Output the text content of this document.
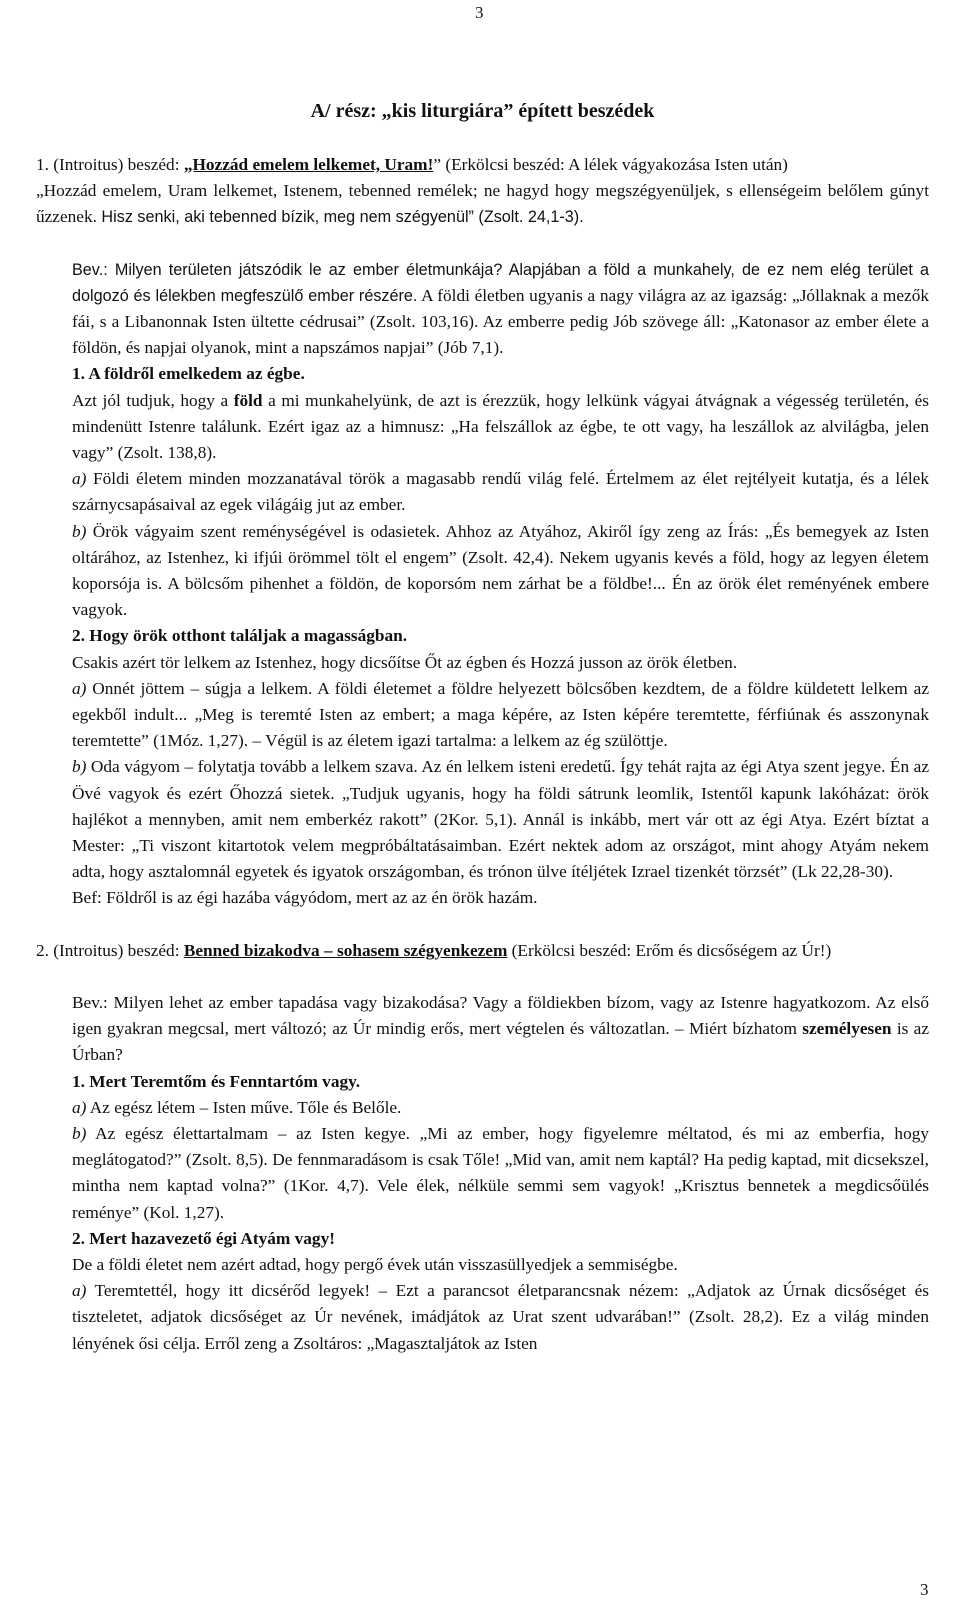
3
A/ rész: „kis liturgiára” épített beszédek

1. (Introitus) beszéd: „Hozzád emelem lelkemet, Uram!” (Erkölcsi beszéd: A lélek vágyakozása Isten után)

„Hozzád emelem, Uram lelkemet, Istenem, tebenned remélek; ne hagyd hogy megszégyenüljek, s ellenségeim belőlem gúnyt űzzenek. Hisz senki, aki tebenned bízik, meg nem szégyenül” (Zsolt. 24,1-3).

Bev.: Milyen területen játszódik le az ember életmunkája? Alapjában a föld a munkahely, de ez nem elég terület a dolgozó és lélekben megfeszülő ember részére. A földi életben ugyanis a nagy világra az az igazság: „Jóllaknak a mezők fái, s a Libanonnak Isten ültette cédrusai” (Zsolt. 103,16). Az emberre pedig Jób szövege áll: „Katonasor az ember élete a földön, és napjai olyanok, mint a napszámos napjai” (Jób 7,1).

1. A földről emelkedem az égbe.

Azt jól tudjuk, hogy a föld a mi munkahelyünk, de azt is érezzük, hogy lelkünk vágyai átvágnak a végesség területén, és mindenütt Istenre találunk. Ezért igaz az a himnusz: „Ha felszállok az égbe, te ott vagy, ha leszállok az alvilágba, jelen vagy” (Zsolt. 138,8).

a) Földi életem minden mozzanatával török a magasabb rendű világ felé. Értelmem az élet rejtélyeit kutatja, és a lélek szárnycsapásaival az egek világáig jut az ember.

b) Örök vágyaim szent reménységével is odasietek. Ahhoz az Atyához, Akiről így zeng az Írás: „És bemegyek az Isten oltárához, az Istenhez, ki ifjúi örömmel tölt el engem” (Zsolt. 42,4). Nekem ugyanis kevés a föld, hogy az legyen életem koporsója is. A bölcsőm pihenhet a földön, de koporsóm nem zárhat be a földbe!... Én az örök élet reményének embere vagyok.

2. Hogy örök otthont találjak a magasságban.

Csakis azért tör lelkem az Istenhez, hogy dicsőítse Őt az égben és Hozzá jusson az örök életben.

a) Onnét jöttem – súgja a lelkem. A földi életemet a földre helyezett bölcsőben kezdtem, de a földre küldetett lelkem az egekből indult... „Meg is teremté Isten az embert; a maga képére, az Isten képére teremtette, férfiúnak és asszonynak teremtette” (1Móz. 1,27). – Végül is az életem igazi tartalma: a lelkem az ég szülöttje.

b) Oda vágyom – folytatja tovább a lelkem szava. Az én lelkem isteni eredetű. Így tehát rajta az égi Atya szent jegye. Én az Övé vagyok és ezért Őhozzá sietek. „Tudjuk ugyanis, hogy ha földi sátrunk leomlik, Istentől kapunk lakóházat: örök hajlékot a mennyben, amit nem emberkéz rakott” (2Kor. 5,1). Annál is inkább, mert vár ott az égi Atya. Ezért bíztat a Mester: „Ti viszont kitartotok velem megpróbáltatásaimban. Ezért nektek adom az országot, mint ahogy Atyám nekem adta, hogy asztalomnál egyetek és igyatok országomban, és trónon ülve ítéljétek Izrael tizenkét törzsét” (Lk 22,28-30).

Bef: Földről is az égi hazába vágyódom, mert az az én örök hazám.

2. (Introitus) beszéd: Benned bizakodva – sohasem szégyenkezem (Erkölcsi beszéd: Erőm és dicsőségem az Úr!)

Bev.: Milyen lehet az ember tapadása vagy bizakodása? Vagy a földiekben bízom, vagy az Istenre hagyatkozom. Az első igen gyakran megcsal, mert változó; az Úr mindig erős, mert végtelen és változatlan. – Miért bízhatom személyesen is az Úrban?

1. Mert Teremtőm és Fenntartóm vagy.

a) Az egész létem – Isten műve. Tőle és Belőle.

b) Az egész élettartalmam – az Isten kegye. „Mi az ember, hogy figyelemre méltatod, és mi az emberfia, hogy meglátogatod?” (Zsolt. 8,5). De fennmaradásom is csak Tőle! „Mid van, amit nem kaptál? Ha pedig kaptad, mit dicsekszel, mintha nem kaptad volna?” (1Kor. 4,7). Vele élek, nélküle semmi sem vagyok! „Krisztus bennetek a megdicsőülés reménye” (Kol. 1,27).

2. Mert hazavezető égi Atyám vagy!

De a földi életet nem azért adtad, hogy pergő évek után visszasüllyedjek a semmiségbe.

a) Teremtettél, hogy itt dicsérőd legyek! – Ezt a parancsot életparancsnak nézem: „Adjatok az Úrnak dicsőséget és tiszteletet, adjatok dicsőséget az Úr nevének, imádjátok az Urat szent udvarában!” (Zsolt. 28,2). Ez a világ minden lényének ősi célja. Erről zeng a Zsoltáros: „Magasztaljátok az Isten

3
